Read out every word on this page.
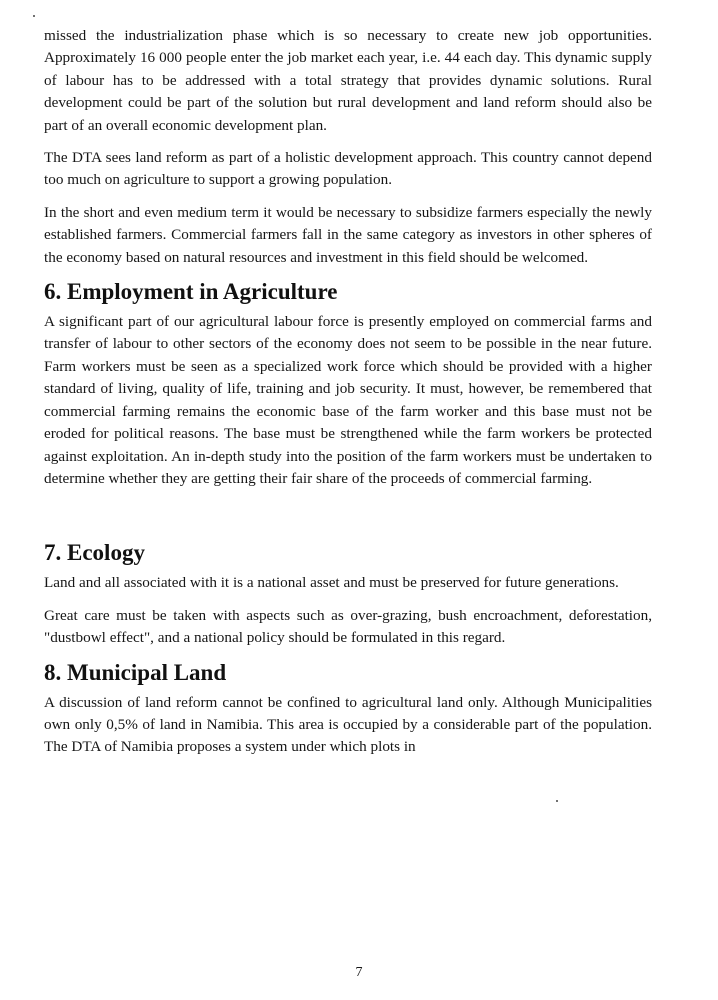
missed the industrialization phase which is so necessary to create new job opportunities. Approximately 16 000 people enter the job market each year, i.e. 44 each day. This dynamic supply of labour has to be addressed with a total strategy that provides dynamic solutions. Rural development could be part of the solution but rural development and land reform should also be part of an overall economic development plan.

The DTA sees land reform as part of a holistic development approach. This country cannot depend too much on agriculture to support a growing population.

In the short and even medium term it would be necessary to subsidize farmers especially the newly established farmers. Commercial farmers fall in the same category as investors in other spheres of the economy based on natural resources and investment in this field should be welcomed.

6. Employment in Agriculture

A significant part of our agricultural labour force is presently employed on commercial farms and transfer of labour to other sectors of the economy does not seem to be possible in the near future. Farm workers must be seen as a specialized work force which should be provided with a higher standard of living, quality of life, training and job security. It must, however, be remembered that commercial farming remains the economic base of the farm worker and this base must not be eroded for political reasons. The base must be strengthened while the farm workers be protected against exploitation. An in-depth study into the position of the farm workers must be undertaken to determine whether they are getting their fair share of the proceeds of commercial farming.

7. Ecology

Land and all associated with it is a national asset and must be preserved for future generations.

Great care must be taken with aspects such as over-grazing, bush encroachment, deforestation, "dustbowl effect", and a national policy should be formulated in this regard.

8. Municipal Land

A discussion of land reform cannot be confined to agricultural land only. Although Municipalities own only 0,5% of land in Namibia. This area is occupied by a considerable part of the population. The DTA of Namibia proposes a system under which plots in

7
